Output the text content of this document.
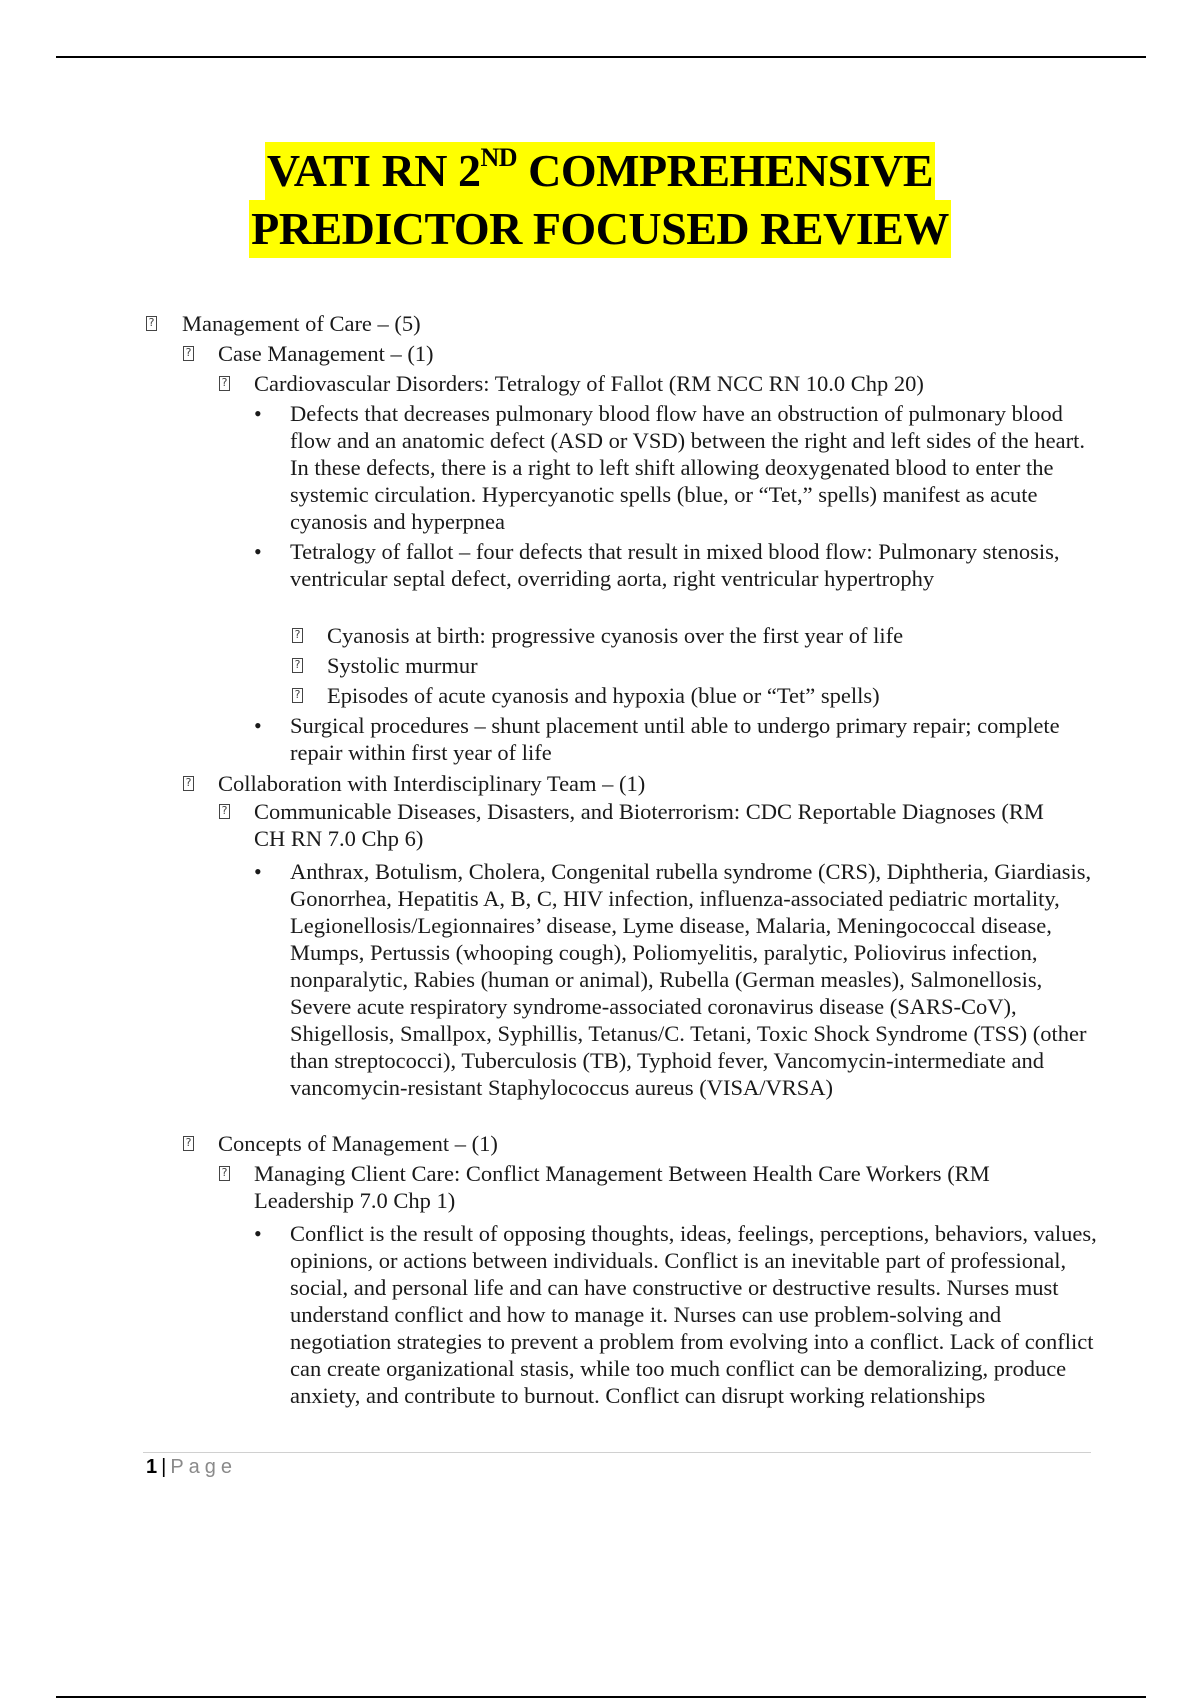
VATI RN 2ND COMPREHENSIVE
PREDICTOR FOCUSED REVIEW
? Management of Care – (5)
? Case Management – (1)
? Cardiovascular Disorders: Tetralogy of Fallot (RM NCC RN 10.0 Chp 20)
• Defects that decreases pulmonary blood flow have an obstruction of pulmonary blood flow and an anatomic defect (ASD or VSD) between the right and left sides of the heart. In these defects, there is a right to left shift allowing deoxygenated blood to enter the systemic circulation. Hypercyanotic spells (blue, or “Tet,” spells) manifest as acute cyanosis and hyperpnea
• Tetralogy of fallot – four defects that result in mixed blood flow: Pulmonary stenosis, ventricular septal defect, overriding aorta, right ventricular hypertrophy
? Cyanosis at birth: progressive cyanosis over the first year of life
? Systolic murmur
? Episodes of acute cyanosis and hypoxia (blue or “Tet” spells)
• Surgical procedures – shunt placement until able to undergo primary repair; complete repair within first year of life
? Collaboration with Interdisciplinary Team – (1)
? Communicable Diseases, Disasters, and Bioterrorism: CDC Reportable Diagnoses (RM CH RN 7.0 Chp 6)
• Anthrax, Botulism, Cholera, Congenital rubella syndrome (CRS), Diphtheria, Giardiasis, Gonorrhea, Hepatitis A, B, C, HIV infection, influenza-associated pediatric mortality, Legionellosis/Legionnaires’ disease, Lyme disease, Malaria, Meningococcal disease, Mumps, Pertussis (whooping cough), Poliomyelitis, paralytic, Poliovirus infection, nonparalytic, Rabies (human or animal), Rubella (German measles), Salmonellosis, Severe acute respiratory syndrome-associated coronavirus disease (SARS-CoV), Shigellosis, Smallpox, Syphillis, Tetanus/C. Tetani, Toxic Shock Syndrome (TSS) (other than streptococci), Tuberculosis (TB), Typhoid fever, Vancomycin-intermediate and vancomycin-resistant Staphylococcus aureus (VISA/VRSA)
? Concepts of Management – (1)
? Managing Client Care: Conflict Management Between Health Care Workers (RM Leadership 7.0 Chp 1)
• Conflict is the result of opposing thoughts, ideas, feelings, perceptions, behaviors, values, opinions, or actions between individuals. Conflict is an inevitable part of professional, social, and personal life and can have constructive or destructive results. Nurses must understand conflict and how to manage it. Nurses can use problem-solving and negotiation strategies to prevent a problem from evolving into a conflict. Lack of conflict can create organizational stasis, while too much conflict can be demoralizing, produce anxiety, and contribute to burnout. Conflict can disrupt working relationships
1 | Page
